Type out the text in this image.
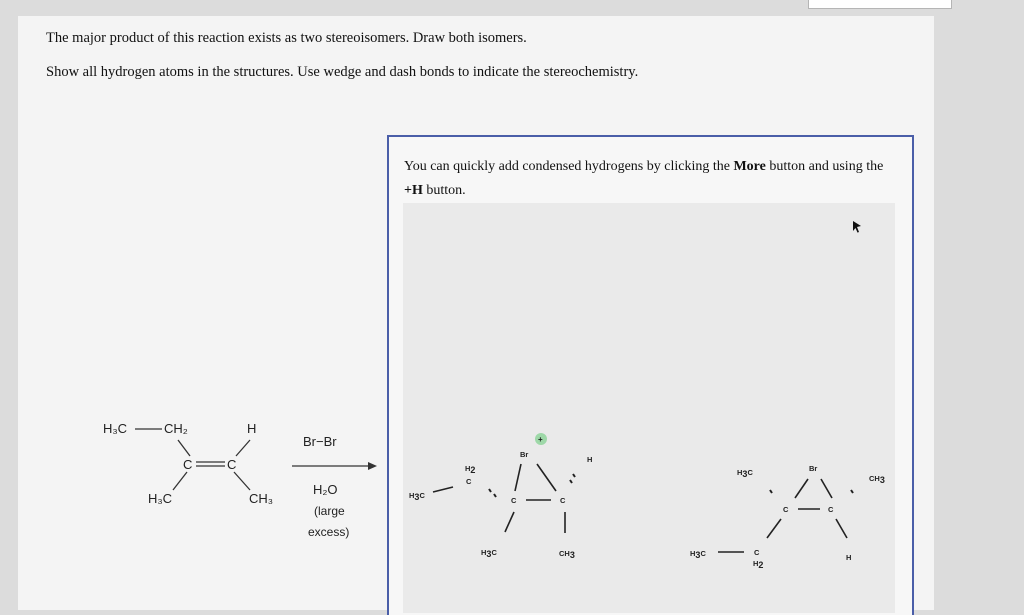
The major product of this reaction exists as two stereoisomers. Draw both isomers.
Show all hydrogen atoms in the structures. Use wedge and dash bonds to indicate the stereochemistry.
You can quickly add condensed hydrogens by clicking the More button and using the +H button.
H₃C	CH₂	H
C	C
H₃C	CH₃
Br−Br
H₂O
(large
excess)
H3C
H2
C
+
Br
H
C	C
H3C	CH3
H3C	Br
CH3
C	C
H3C	C
H2
H
